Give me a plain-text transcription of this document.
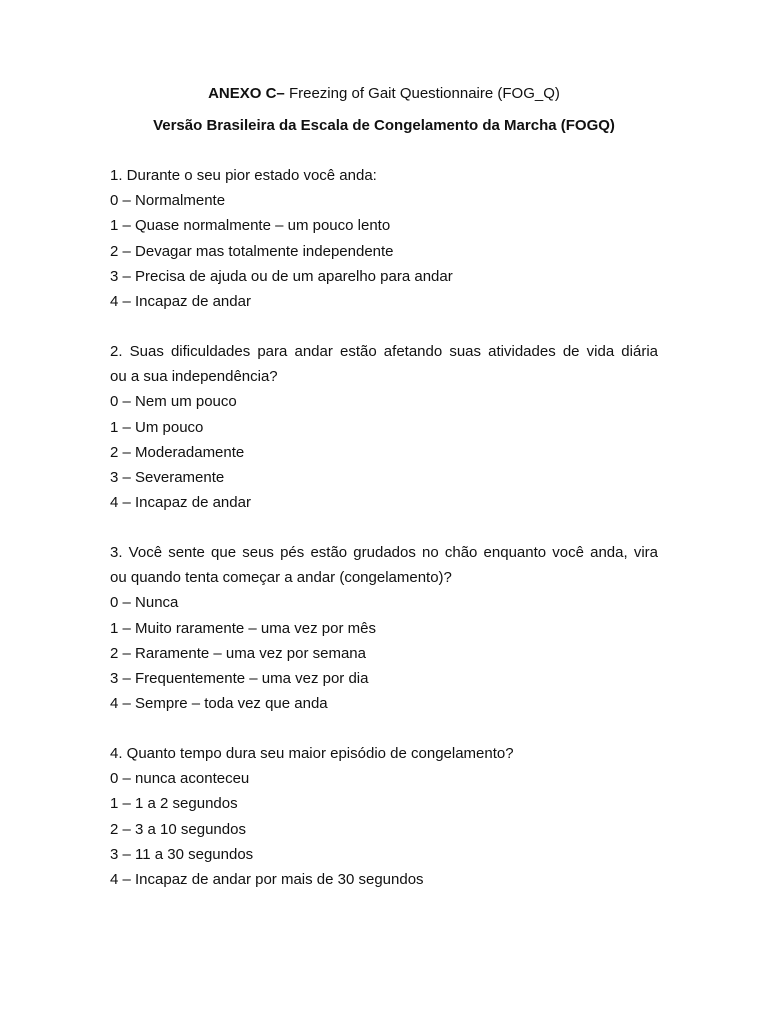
ANEXO C– Freezing of Gait Questionnaire (FOG_Q)
Versão Brasileira da Escala de Congelamento da Marcha (FOGQ)
1. Durante o seu pior estado você anda:
0 – Normalmente
1 – Quase normalmente – um pouco lento
2 – Devagar mas totalmente independente
3 – Precisa de ajuda ou de um aparelho para andar
4 – Incapaz de andar
2. Suas dificuldades para andar estão afetando suas atividades de vida diária
ou a sua independência?
0 – Nem um pouco
1 – Um pouco
2 – Moderadamente
3 – Severamente
4 – Incapaz de andar
3. Você sente que seus pés estão grudados no chão enquanto você anda, vira
ou quando tenta começar a andar (congelamento)?
0 – Nunca
1 – Muito raramente – uma vez por mês
2 – Raramente – uma vez por semana
3 – Frequentemente – uma vez por dia
4 – Sempre – toda vez que anda
4. Quanto tempo dura seu maior episódio de congelamento?
0 – nunca aconteceu
1 – 1 a 2 segundos
2 – 3 a 10 segundos
3 – 11 a 30 segundos
4 – Incapaz de andar por mais de 30 segundos
